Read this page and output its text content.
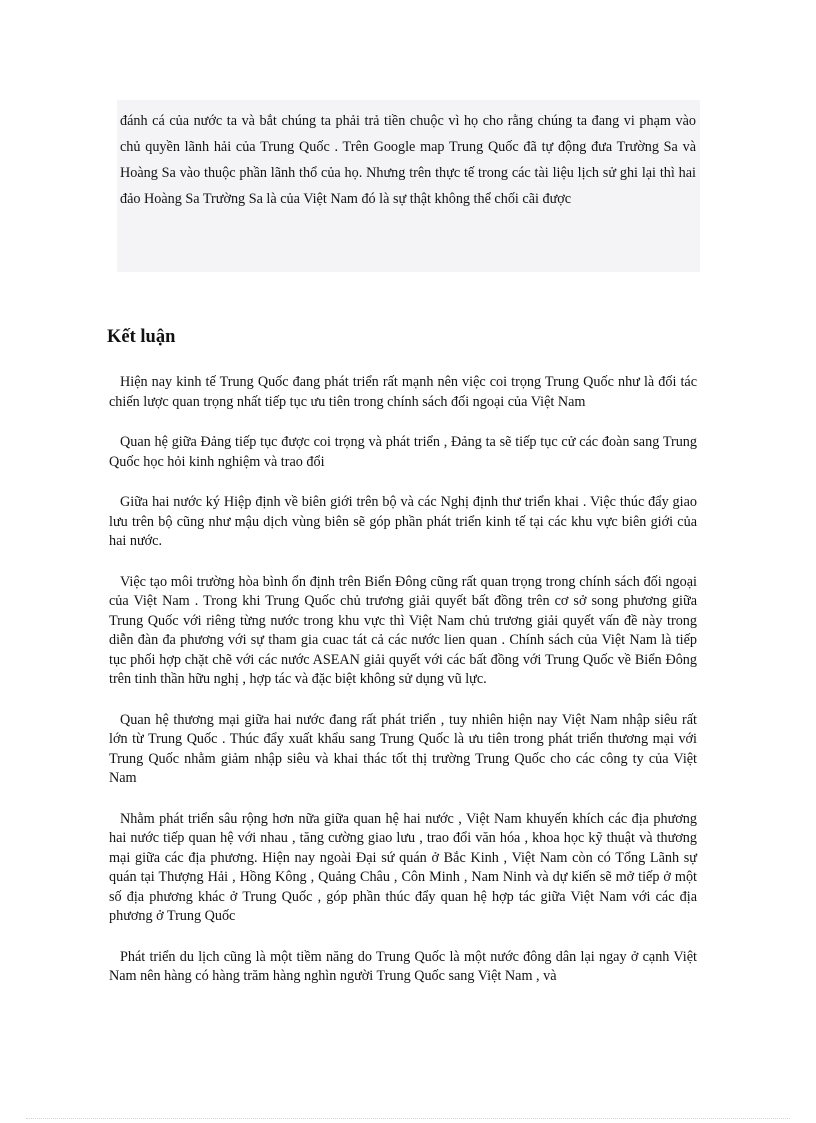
đánh cá của nước ta và bắt chúng ta phải trả tiền chuộc vì họ cho rằng chúng ta đang vi phạm vào chủ quyền lãnh hải của Trung Quốc . Trên Google map Trung Quốc đã tự động đưa Trường Sa và Hoàng Sa vào thuộc phần lãnh thổ của họ. Nhưng trên thực tế trong các tài liệu lịch sử ghi lại thì hai đảo Hoàng Sa Trường Sa là của Việt Nam đó là sự thật không thể chối cãi được

Kết luận

Hiện nay kinh tế Trung Quốc đang phát triển rất mạnh nên việc coi trọng Trung Quốc như là đối tác chiến lược quan trọng nhất tiếp tục ưu tiên trong chính sách đối ngoại của Việt Nam

Quan hệ giữa Đảng tiếp tục được coi trọng và phát triển , Đảng ta sẽ tiếp tục cử các đoàn sang Trung Quốc học hỏi kinh nghiệm và trao đổi

Giữa hai nước ký Hiệp định về biên giới trên bộ và các Nghị định thư triển khai . Việc thúc đẩy giao lưu trên bộ cũng như mậu dịch vùng biên sẽ góp phần phát triển kinh tế tại các khu vực biên giới của hai nước.

Việc tạo môi trường hòa bình ổn định trên Biển Đông cũng rất quan trọng trong chính sách đối ngoại của Việt Nam . Trong khi Trung Quốc chủ trương giải quyết bất đồng trên cơ sở song phương giữa Trung Quốc với riêng từng nước trong khu vực thì Việt Nam chủ trương giải quyết vấn đề này trong diễn đàn đa phương với sự tham gia cuac tát cả các nước lien quan . Chính sách của Việt Nam là tiếp tục phối hợp chặt chẽ với các nước ASEAN giải quyết với các bất đồng với Trung Quốc về Biển Đông trên tinh thần hữu nghị , hợp tác và đặc biệt không sử dụng vũ lực.

Quan hệ thương mại giữa hai nước đang rất phát triển , tuy nhiên hiện nay Việt Nam nhập siêu rất lớn từ Trung Quốc . Thúc đẩy xuất khẩu sang Trung Quốc là ưu tiên trong phát triển thương mại với Trung Quốc nhằm giảm nhập siêu và khai thác tốt thị trường Trung Quốc cho các công ty của Việt Nam

Nhằm phát triển sâu rộng hơn nữa giữa quan hệ hai nước , Việt Nam khuyến khích các địa phương hai nước tiếp quan hệ với nhau , tăng cường giao lưu , trao đổi văn hóa , khoa học kỹ thuật và thương mại giữa các địa phương. Hiện nay ngoài Đại sứ quán ở Bắc Kinh , Việt Nam còn có Tổng Lãnh sự quán tại Thượng Hải , Hồng Kông , Quảng Châu , Côn Minh , Nam Ninh và dự kiến sẽ mở tiếp ở một số địa phương khác ở Trung Quốc , góp phần thúc đẩy quan hệ hợp tác giữa Việt Nam với các địa phương ở Trung Quốc

Phát triển du lịch cũng là một tiềm năng do Trung Quốc là một nước đông dân lại ngay ở cạnh Việt Nam nên hàng có hàng trăm hàng nghìn người Trung Quốc sang Việt Nam , và
